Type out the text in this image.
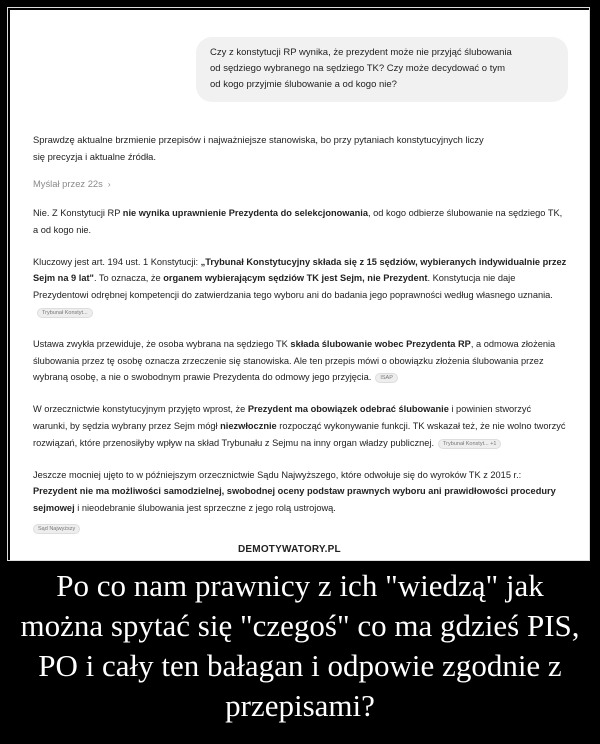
Czy z konstytucji RP wynika, że prezydent może nie przyjąć ślubowania

od sędziego wybranego na sędziego TK? Czy może decydować o tym

od kogo przyjmie ślubowanie a od kogo nie?

Sprawdzę aktualne brzmienie przepisów i najważniejsze stanowiska, bo przy pytaniach konstytucyjnych liczy
się precyzja i aktualne źródła.
Myślał przez 22s ›

Nie. Z Konstytucji RP nie wynika uprawnienie Prezydenta do selekcjonowania, od kogo odbierze ślubowanie na sędziego TK, a od kogo nie.

Kluczowy jest art. 194 ust. 1 Konstytucji: „Trybunał Konstytucyjny składa się z 15 sędziów, wybieranych indywidualnie przez Sejm na 9 lat". To oznacza, że organem wybierającym sędziów TK jest Sejm, nie Prezydent. Konstytucja nie daje Prezydentowi odrębnej kompetencji do zatwierdzania tego wyboru ani do badania jego poprawności według własnego uznania.Trybunał Konstyt...

Ustawa zwykła przewiduje, że osoba wybrana na sędziego TK składa ślubowanie wobec Prezydenta RP, a odmowa złożenia ślubowania przez tę osobę oznacza zrzeczenie się stanowiska. Ale ten przepis mówi o obowiązku złożenia ślubowania przez wybraną osobę, a nie o swobodnym prawie Prezydenta do odmowy jego przyjęcia. ISAP

W orzecznictwie konstytucyjnym przyjęto wprost, że Prezydent ma obowiązek odebrać ślubowanie i powinien stworzyć warunki, by sędzia wybrany przez Sejm mógł niezwłocznie rozpocząć wykonywanie funkcji. TK wskazał też, że nie wolno tworzyć rozwiązań, które przenosiłyby wpływ na skład Trybunału z Sejmu na inny organ władzy publicznej. Trybunał Konstyt... +1

Jeszcze mocniej ujęto to w późniejszym orzecznictwie Sądu Najwyższego, które odwołuje się do wyroków TK z 2015 r.: Prezydent nie ma możliwości samodzielnej, swobodnej oceny podstaw prawnych wyboru ani prawidłowości procedury sejmowej i nieodebranie ślubowania jest sprzeczne z jego rolą ustrojową.

Sąd Najwyższy
DEMOTYWATORY.PL
Po co nam prawnicy z ich "wiedzą" jak można spytać się "czegoś" co ma gdzieś PIS, PO i cały ten bałagan i odpowie zgodnie z przepisami?
